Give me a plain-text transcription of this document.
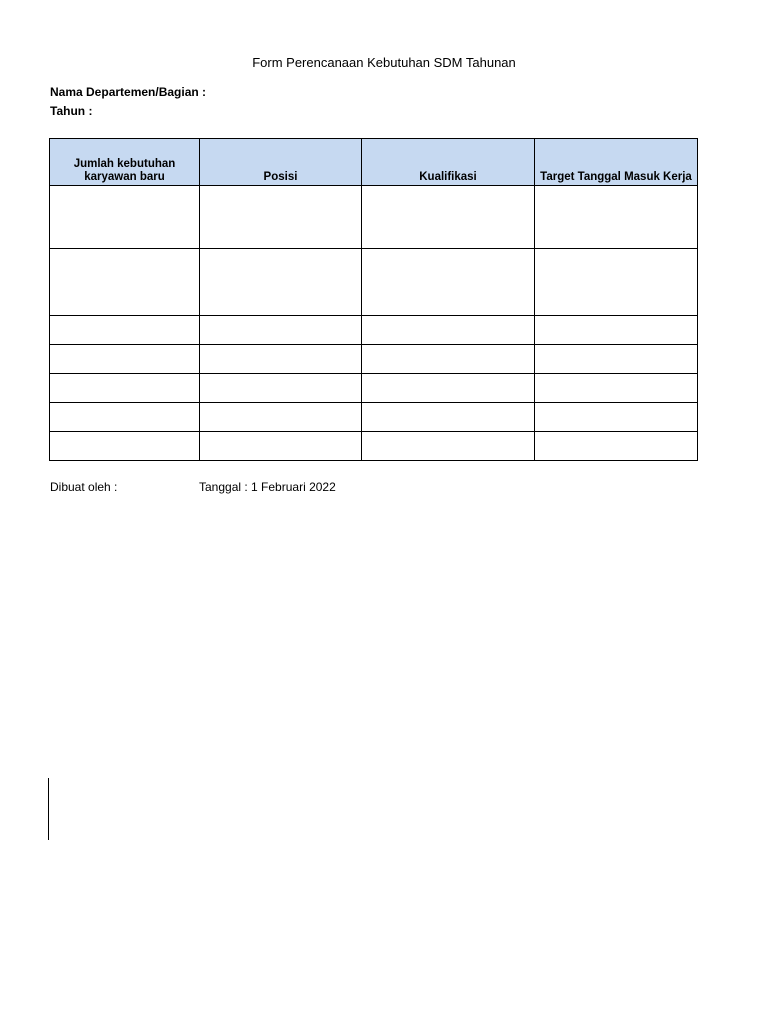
Form Perencanaan Kebutuhan SDM Tahunan
Nama Departemen/Bagian :
Tahun :
Jumlah kebutuhan karyawan baru	Posisi	Kualifikasi	Target Tanggal Masuk Kerja

Dibuat oleh :	Tanggal : 1 Februari 2022
